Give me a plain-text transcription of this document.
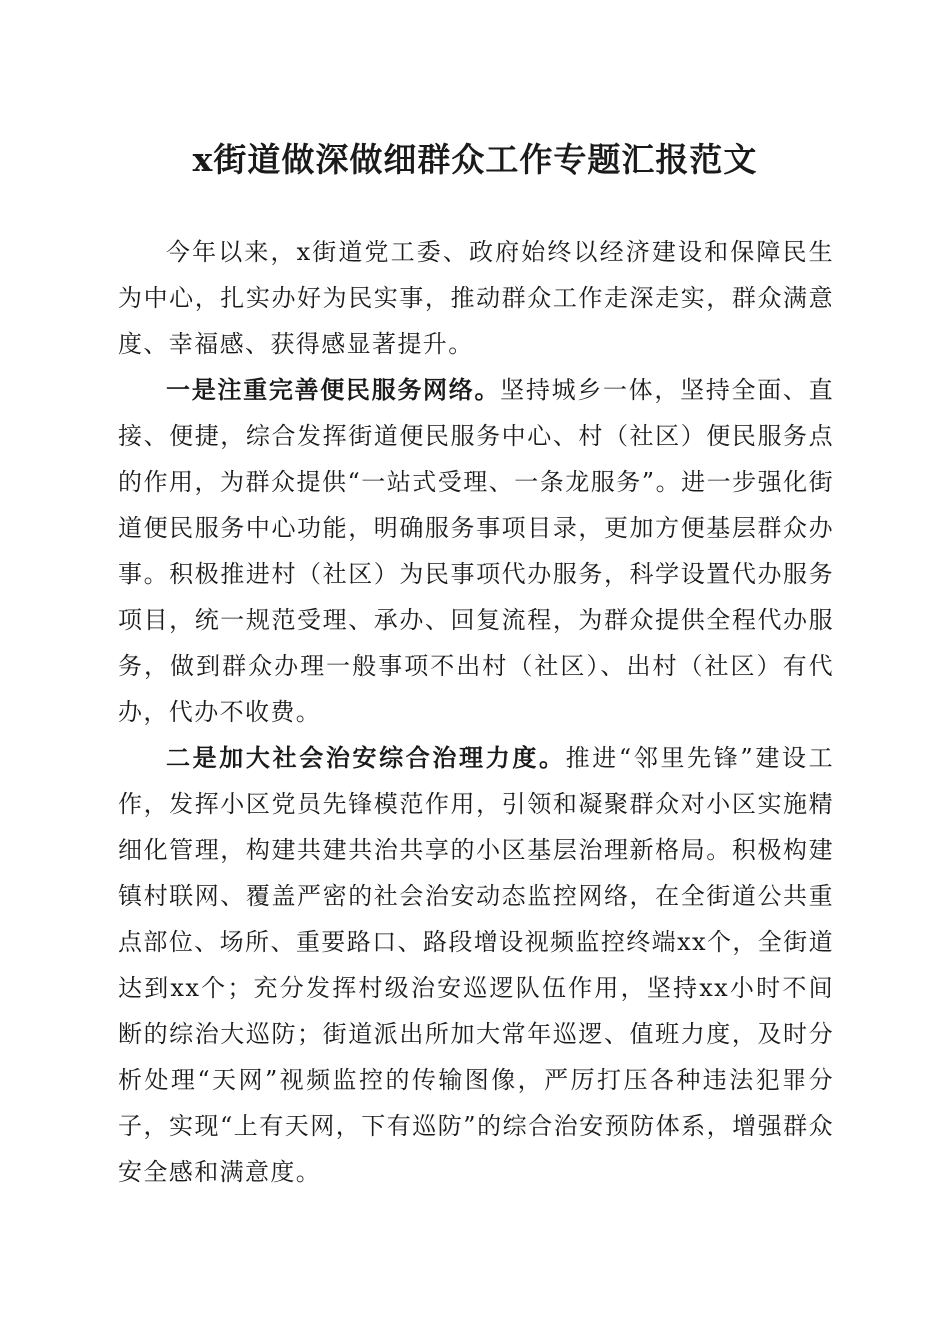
x街道做深做细群众工作专题汇报范文

今年以来，x街道党工委、政府始终以经济建设和保障民生为中心，扎实办好为民实事，推动群众工作走深走实，群众满意度、幸福感、获得感显著提升。

一是注重完善便民服务网络。坚持城乡一体，坚持全面、直接、便捷，综合发挥街道便民服务中心、村（社区）便民服务点的作用，为群众提供“一站式受理、一条龙服务”。进一步强化街道便民服务中心功能，明确服务事项目录，更加方便基层群众办事。积极推进村（社区）为民事项代办服务，科学设置代办服务项目，统一规范受理、承办、回复流程，为群众提供全程代办服务，做到群众办理一般事项不出村（社区）、出村（社区）有代办，代办不收费。

二是加大社会治安综合治理力度。推进“邻里先锋”建设工作，发挥小区党员先锋模范作用，引领和凝聚群众对小区实施精细化管理，构建共建共治共享的小区基层治理新格局。积极构建镇村联网、覆盖严密的社会治安动态监控网络，在全街道公共重点部位、场所、重要路口、路段增设视频监控终端xx个，全街道达到xx个；充分发挥村级治安巡逻队伍作用，坚持xx小时不间断的综治大巡防；街道派出所加大常年巡逻、值班力度，及时分析处理“天网”视频监控的传输图像，严厉打压各种违法犯罪分子，实现“上有天网，下有巡防”的综合治安预防体系，增强群众安全感和满意度。
